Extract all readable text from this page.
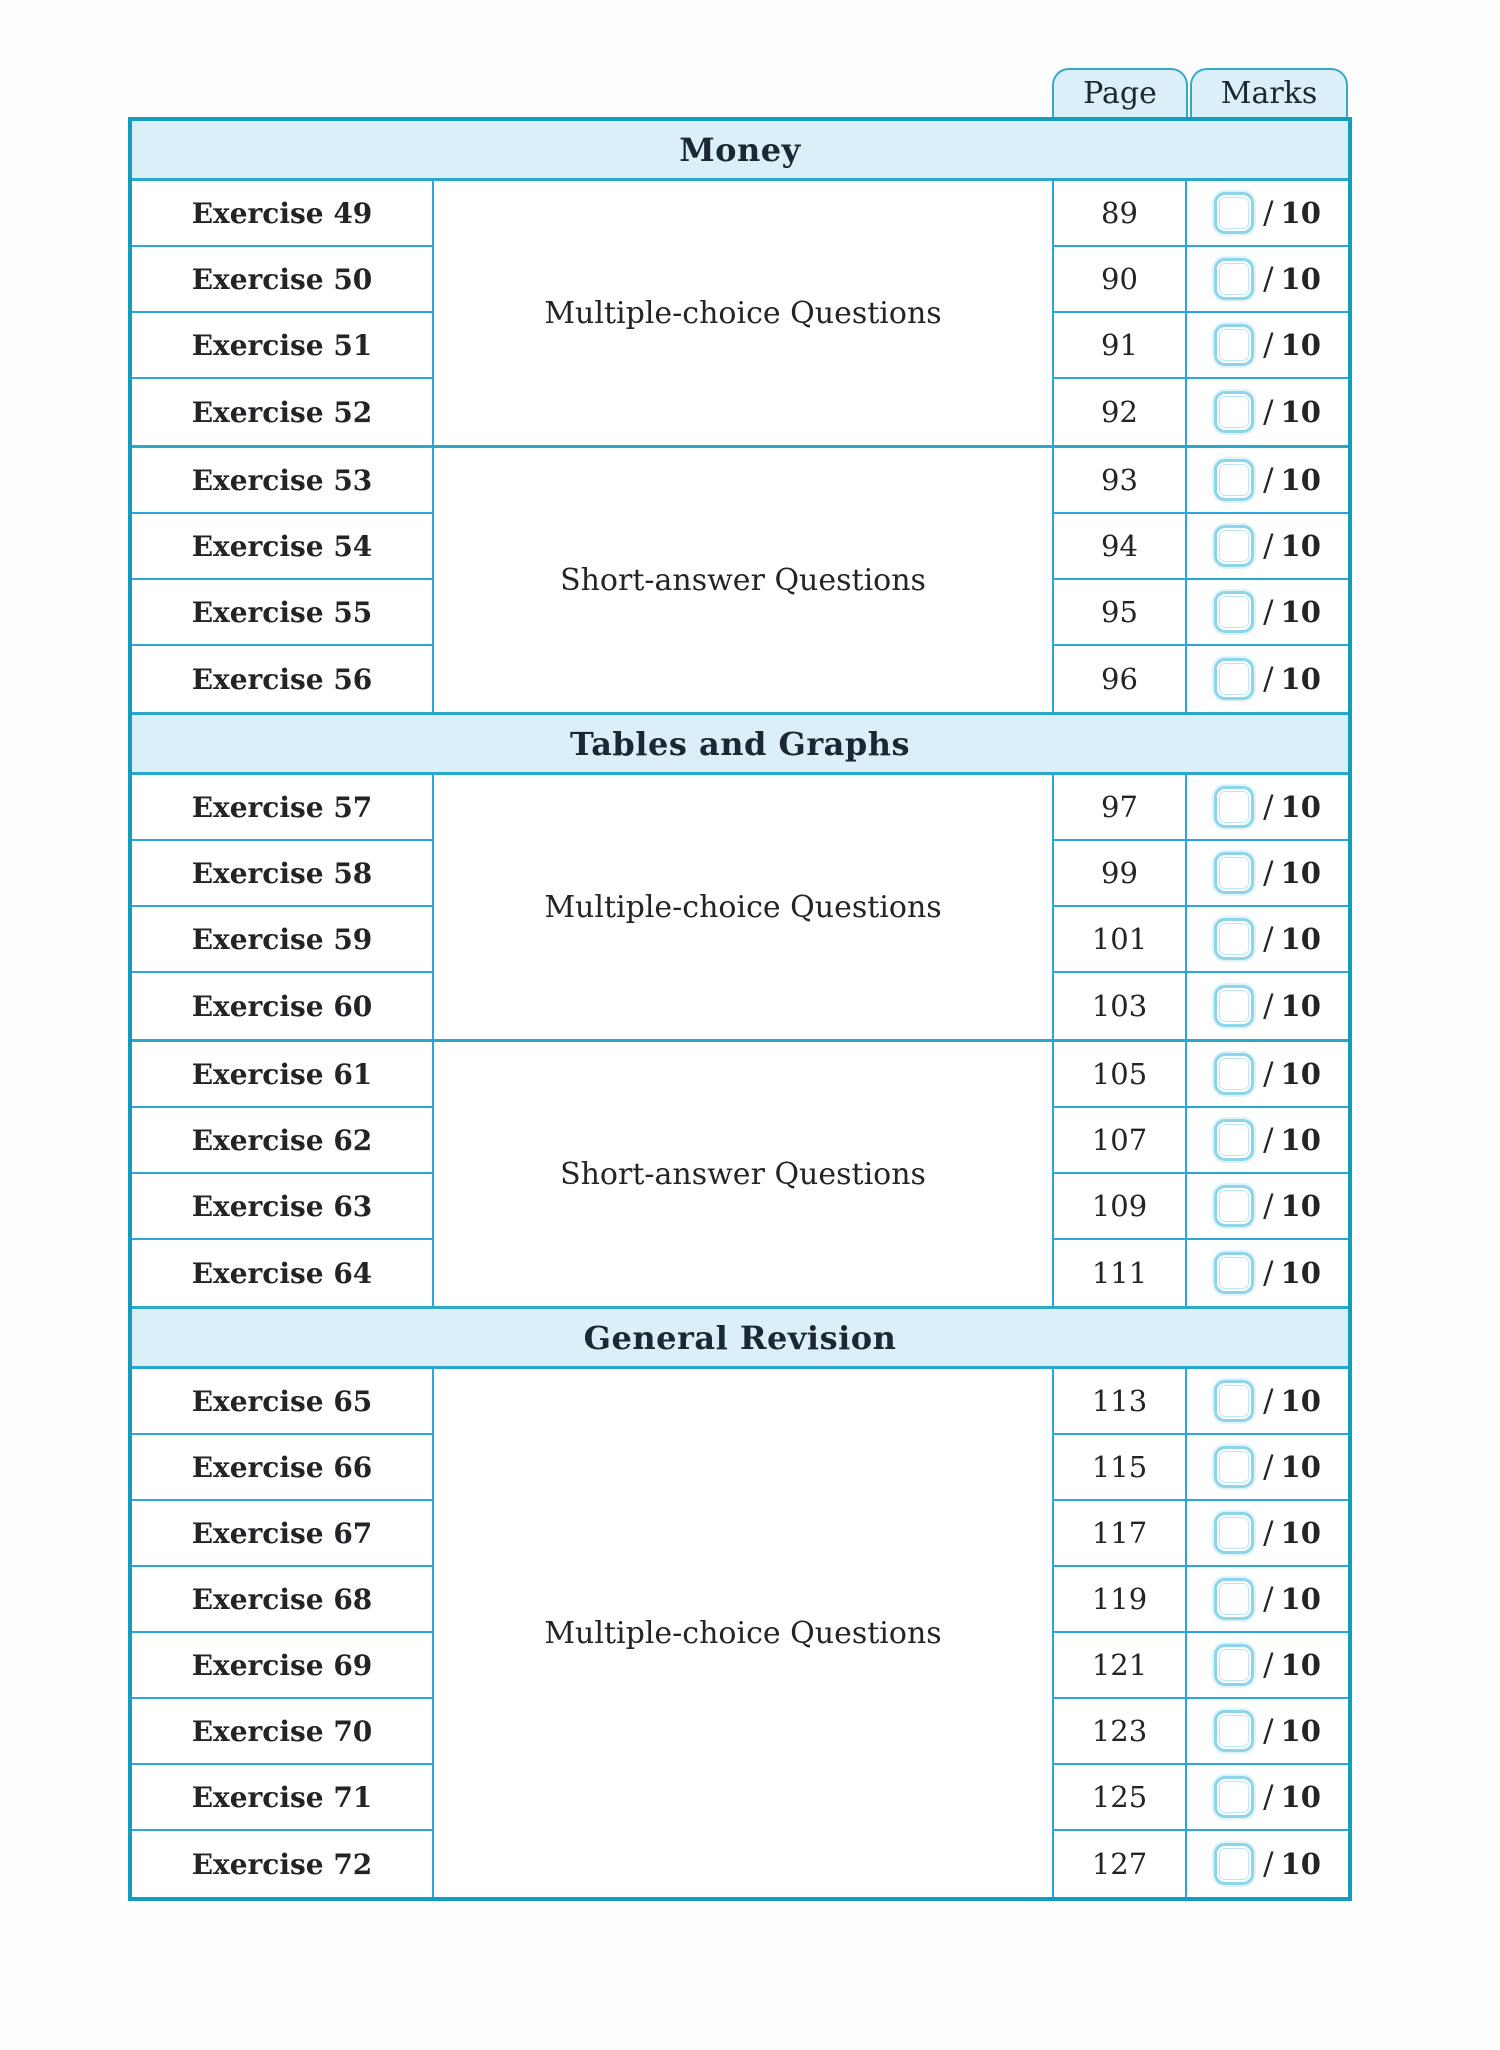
Page	Marks
Money
Exercise 49
Exercise 50
Exercise 51
Exercise 52
Multiple-choice Questions
89
90
91
92
/ 10
/ 10
/ 10
/ 10
Exercise 53
Exercise 54
Exercise 55
Exercise 56
Short-answer Questions
93
94
95
96
/ 10
/ 10
/ 10
/ 10
Tables and Graphs
Exercise 57
Exercise 58
Exercise 59
Exercise 60
Multiple-choice Questions
97
99
101
103
/ 10
/ 10
/ 10
/ 10
Exercise 61
Exercise 62
Exercise 63
Exercise 64
Short-answer Questions
105
107
109
111
/ 10
/ 10
/ 10
/ 10
General Revision
Exercise 65
Exercise 66
Exercise 67
Exercise 68
Exercise 69
Exercise 70
Exercise 71
Exercise 72
Multiple-choice Questions
113
115
117
119
121
123
125
127
/ 10
/ 10
/ 10
/ 10
/ 10
/ 10
/ 10
/ 10
